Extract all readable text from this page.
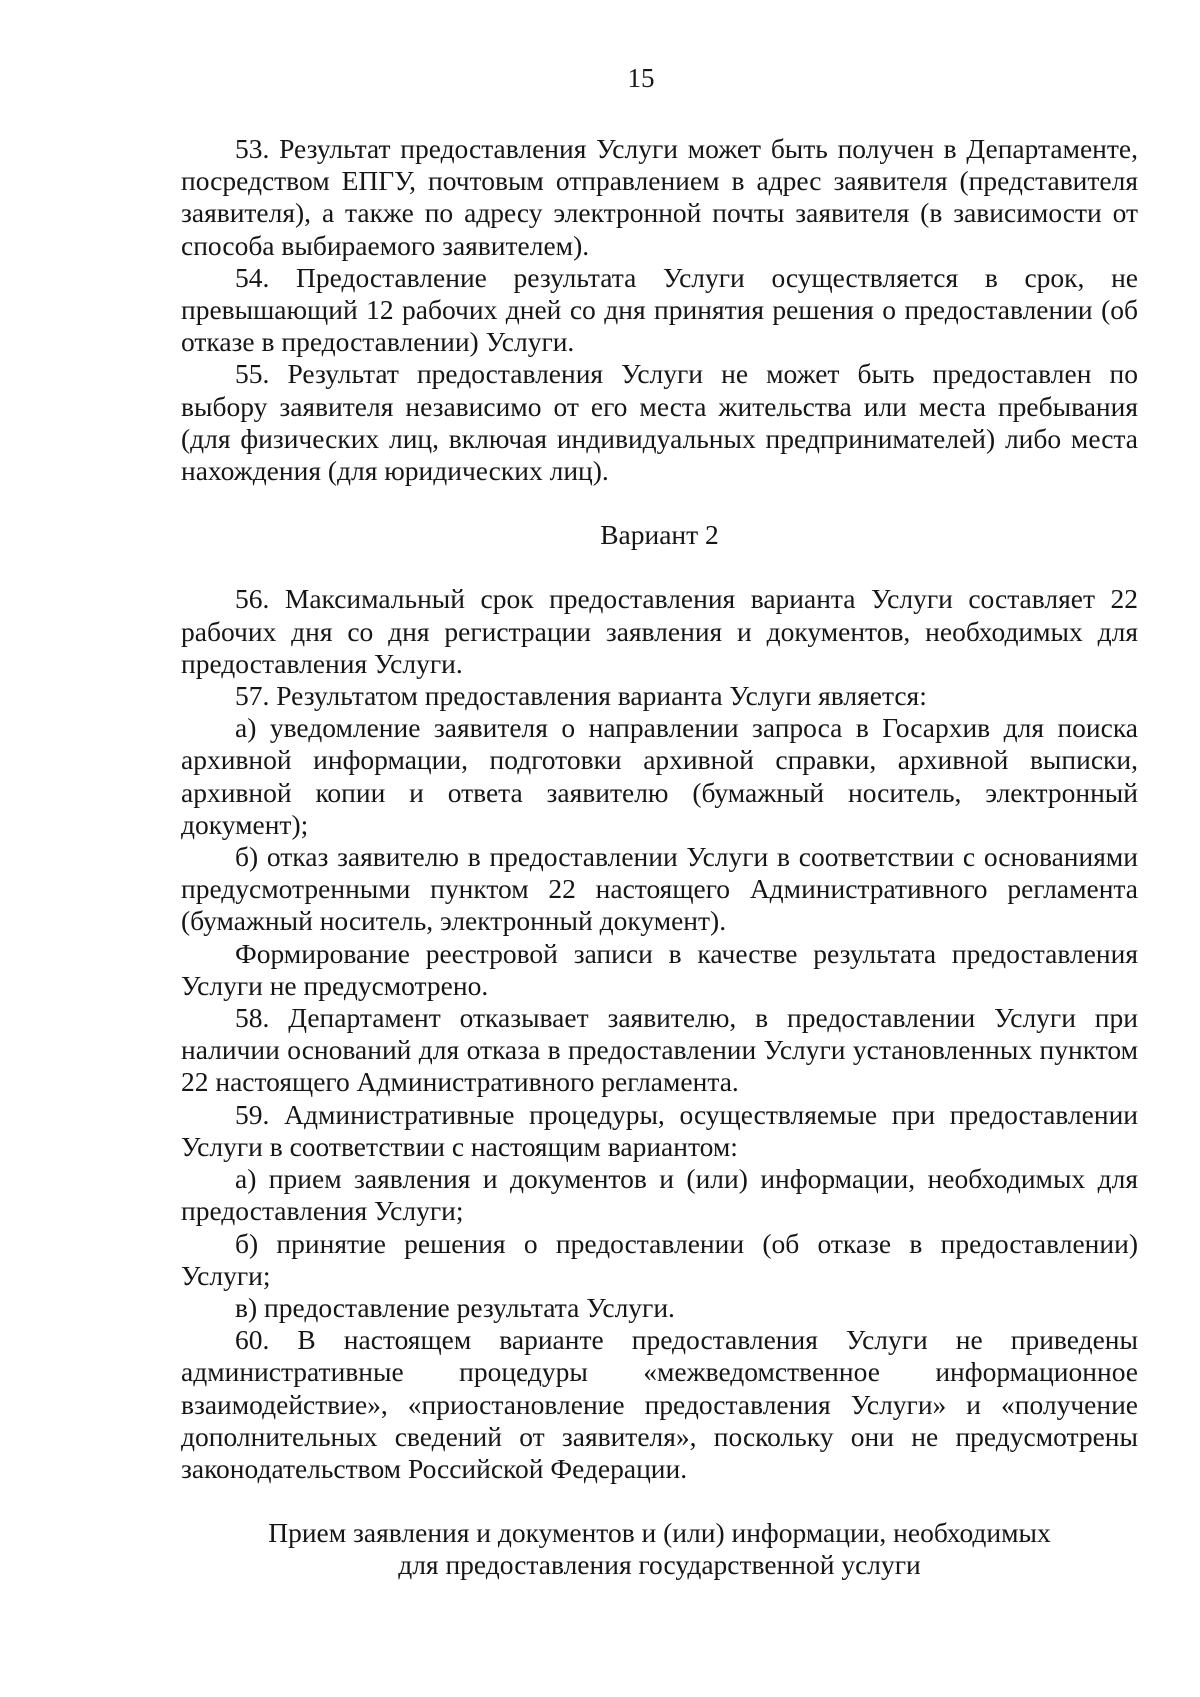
15

53. Результат предоставления Услуги может быть получен в Департаменте, посредством ЕПГУ, почтовым отправлением в адрес заявителя (представителя заявителя), а также по адресу электронной почты заявителя (в зависимости от способа выбираемого заявителем).

54. Предоставление результата Услуги осуществляется в срок, не превышающий 12 рабочих дней со дня принятия решения о предоставлении (об отказе в предоставлении) Услуги.

55. Результат предоставления Услуги не может быть предоставлен по выбору заявителя независимо от его места жительства или места пребывания (для физических лиц, включая индивидуальных предпринимателей) либо места нахождения (для юридических лиц).

Вариант 2

56. Максимальный срок предоставления варианта Услуги составляет 22 рабочих дня со дня регистрации заявления и документов, необходимых для предоставления Услуги.

57. Результатом предоставления варианта Услуги является:

а) уведомление заявителя о направлении запроса в Госархив для поиска архивной информации, подготовки архивной справки, архивной выписки, архивной копии и ответа заявителю (бумажный носитель, электронный документ);

б) отказ заявителю в предоставлении Услуги в соответствии с основаниями предусмотренными пунктом 22 настоящего Административного регламента (бумажный носитель, электронный документ).

Формирование реестровой записи в качестве результата предоставления Услуги не предусмотрено.

58. Департамент отказывает заявителю, в предоставлении Услуги при наличии оснований для отказа в предоставлении Услуги установленных пунктом 22 настоящего Административного регламента.

59. Административные процедуры, осуществляемые при предоставлении Услуги в соответствии с настоящим вариантом:

а) прием заявления и документов и (или) информации, необходимых для предоставления Услуги;

б) принятие решения о предоставлении (об отказе в предоставлении) Услуги;

в) предоставление результата Услуги.

60. В настоящем варианте предоставления Услуги не приведены административные процедуры «межведомственное информационное взаимодействие», «приостановление предоставления Услуги» и «получение дополнительных сведений от заявителя», поскольку они не предусмотрены законодательством Российской Федерации.

Прием заявления и документов и (или) информации, необходимых
для предоставления государственной услуги
